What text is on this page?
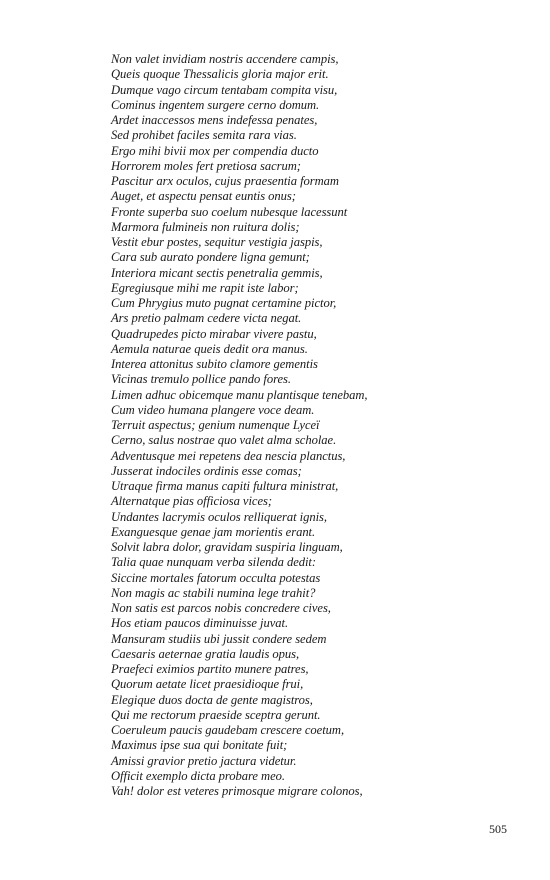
Non valet invidiam nostris accendere campis,
Queis quoque Thessalicis gloria major erit.
Dumque vago circum tentabam compita visu,
Cominus ingentem surgere cerno domum.
Ardet inaccessos mens indefessa penates,
Sed prohibet faciles semita rara vias.
Ergo mihi bivii mox per compendia ducto
Horrorem moles fert pretiosa sacrum;
Pascitur arx oculos, cujus praesentia formam
Auget, et aspectu pensat euntis onus;
Fronte superba suo coelum nubesque lacessunt
Marmora fulmineis non ruitura dolis;
Vestit ebur postes, sequitur vestigia jaspis,
Cara sub aurato pondere ligna gemunt;
Interiora micant sectis penetralia gemmis,
Egregiusque mihi me rapit iste labor;
Cum Phrygius muto pugnat certamine pictor,
Ars pretio palmam cedere victa negat.
Quadrupedes picto mirabar vivere pastu,
Aemula naturae queis dedit ora manus.
Interea attonitus subito clamore gementis
Vicinas tremulo pollice pando fores.
Limen adhuc obicemque manu plantisque tenebam,
Cum video humana plangere voce deam.
Terruit aspectus; genium numenque Lyceï
Cerno, salus nostrae quo valet alma scholae.
Adventusque mei repetens dea nescia planctus,
Jusserat indociles ordinis esse comas;
Utraque firma manus capiti fultura ministrat,
Alternatque pias officiosa vices;
Undantes lacrymis oculos relliquerat ignis,
Exanguesque genae jam morientis erant.
Solvit labra dolor, gravidam suspiria linguam,
Talia quae nunquam verba silenda dedit:
Siccine mortales fatorum occulta potestas
Non magis ac stabili numina lege trahit?
Non satis est parcos nobis concredere cives,
Hos etiam paucos diminuisse juvat.
Mansuram studiis ubi jussit condere sedem
Caesaris aeternae gratia laudis opus,
Praefeci eximios partito munere patres,
Quorum aetate licet praesidioque frui,
Elegique duos docta de gente magistros,
Qui me rectorum praeside sceptra gerunt.
Coeruleum paucis gaudebam crescere coetum,
Maximus ipse sua qui bonitate fuit;
Amissi gravior pretio jactura videtur.
Officit exemplo dicta probare meo.
Vah! dolor est veteres primosque migrare colonos,
505
